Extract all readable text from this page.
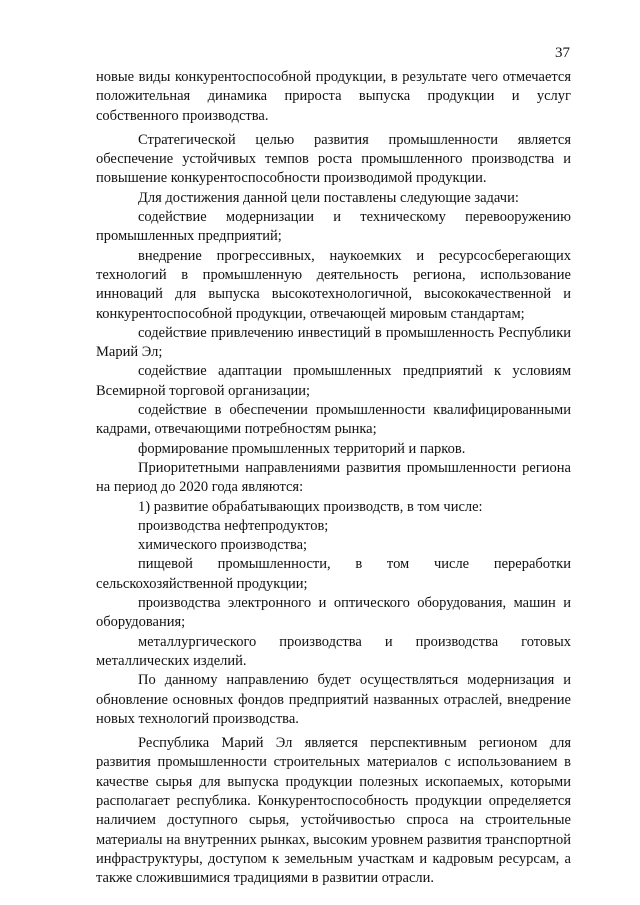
37

новые виды конкурентоспособной продукции, в результате чего отмечается положительная динамика прироста выпуска продукции и услуг собственного производства.

Стратегической целью развития промышленности является обеспечение устойчивых темпов роста промышленного производства и повышение конкурентоспособности производимой продукции.

Для достижения данной цели поставлены следующие задачи:

содействие модернизации и техническому перевооружению промышленных предприятий;

внедрение прогрессивных, наукоемких и ресурсосберегающих технологий в промышленную деятельность региона, использование инноваций для выпуска высокотехнологичной, высококачественной и конкурентоспособной продукции, отвечающей мировым стандартам;

содействие привлечению инвестиций в промышленность Республики Марий Эл;

содействие адаптации промышленных предприятий к условиям Всемирной торговой организации;

содействие в обеспечении промышленности квалифицированными кадрами, отвечающими потребностям рынка;

формирование промышленных территорий и парков.

Приоритетными направлениями развития промышленности региона на период до 2020 года являются:

1) развитие обрабатывающих производств, в том числе:

производства нефтепродуктов;

химического производства;

пищевой промышленности, в том числе переработки сельскохозяйственной продукции;

производства электронного и оптического оборудования, машин и оборудования;

металлургического производства и производства готовых металлических изделий.

По данному направлению будет осуществляться модернизация и обновление основных фондов предприятий названных отраслей, внедрение новых технологий производства.

Республика Марий Эл является перспективным регионом для развития промышленности строительных материалов с использованием в качестве сырья для выпуска продукции полезных ископаемых, которыми располагает республика. Конкурентоспособность продукции определяется наличием доступного сырья, устойчивостью спроса на строительные материалы на внутренних рынках, высоким уровнем развития транспортной инфраструктуры, доступом к земельным участкам и кадровым ресурсам, а также сложившимися традициями в развитии отрасли.
